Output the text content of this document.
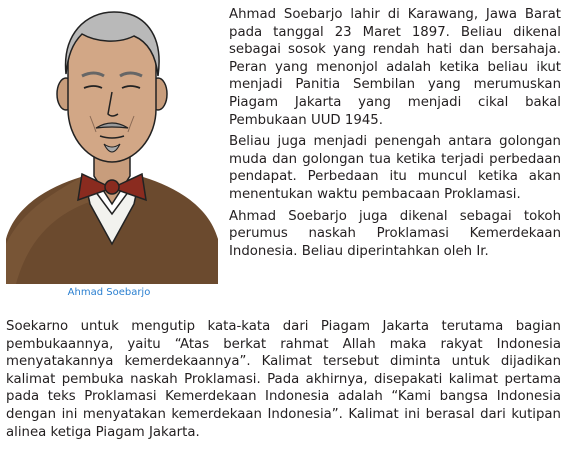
Ahmad Soebarjo

Ahmad Soebarjo lahir di Karawang, Jawa Barat pada tanggal 23 Maret 1897. Beliau dikenal sebagai sosok yang rendah hati dan bersahaja. Peran yang menonjol adalah ketika beliau ikut menjadi Panitia Sembilan yang merumuskan Piagam Jakarta yang menjadi cikal bakal Pembukaan UUD 1945.

Beliau juga menjadi penengah antara golongan muda dan golongan tua ketika terjadi perbedaan pendapat. Perbedaan itu muncul ketika akan menentukan waktu pembacaan Proklamasi.

Ahmad Soebarjo juga dikenal sebagai tokoh perumus naskah Proklamasi Kemerdekaan Indonesia. Beliau diperintahkan oleh Ir.

Soekarno untuk mengutip kata-kata dari Piagam Jakarta terutama bagian pembukaannya, yaitu “Atas berkat rahmat Allah maka rakyat Indonesia menyatakannya kemerdekaannya”. Kalimat tersebut diminta untuk dijadikan kalimat pembuka naskah Proklamasi. Pada akhirnya, disepakati kalimat pertama pada teks Proklamasi Kemerdekaan Indonesia adalah “Kami bangsa Indonesia dengan ini menyatakan kemerdekaan Indonesia”. Kalimat ini berasal dari kutipan alinea ketiga Piagam Jakarta.
